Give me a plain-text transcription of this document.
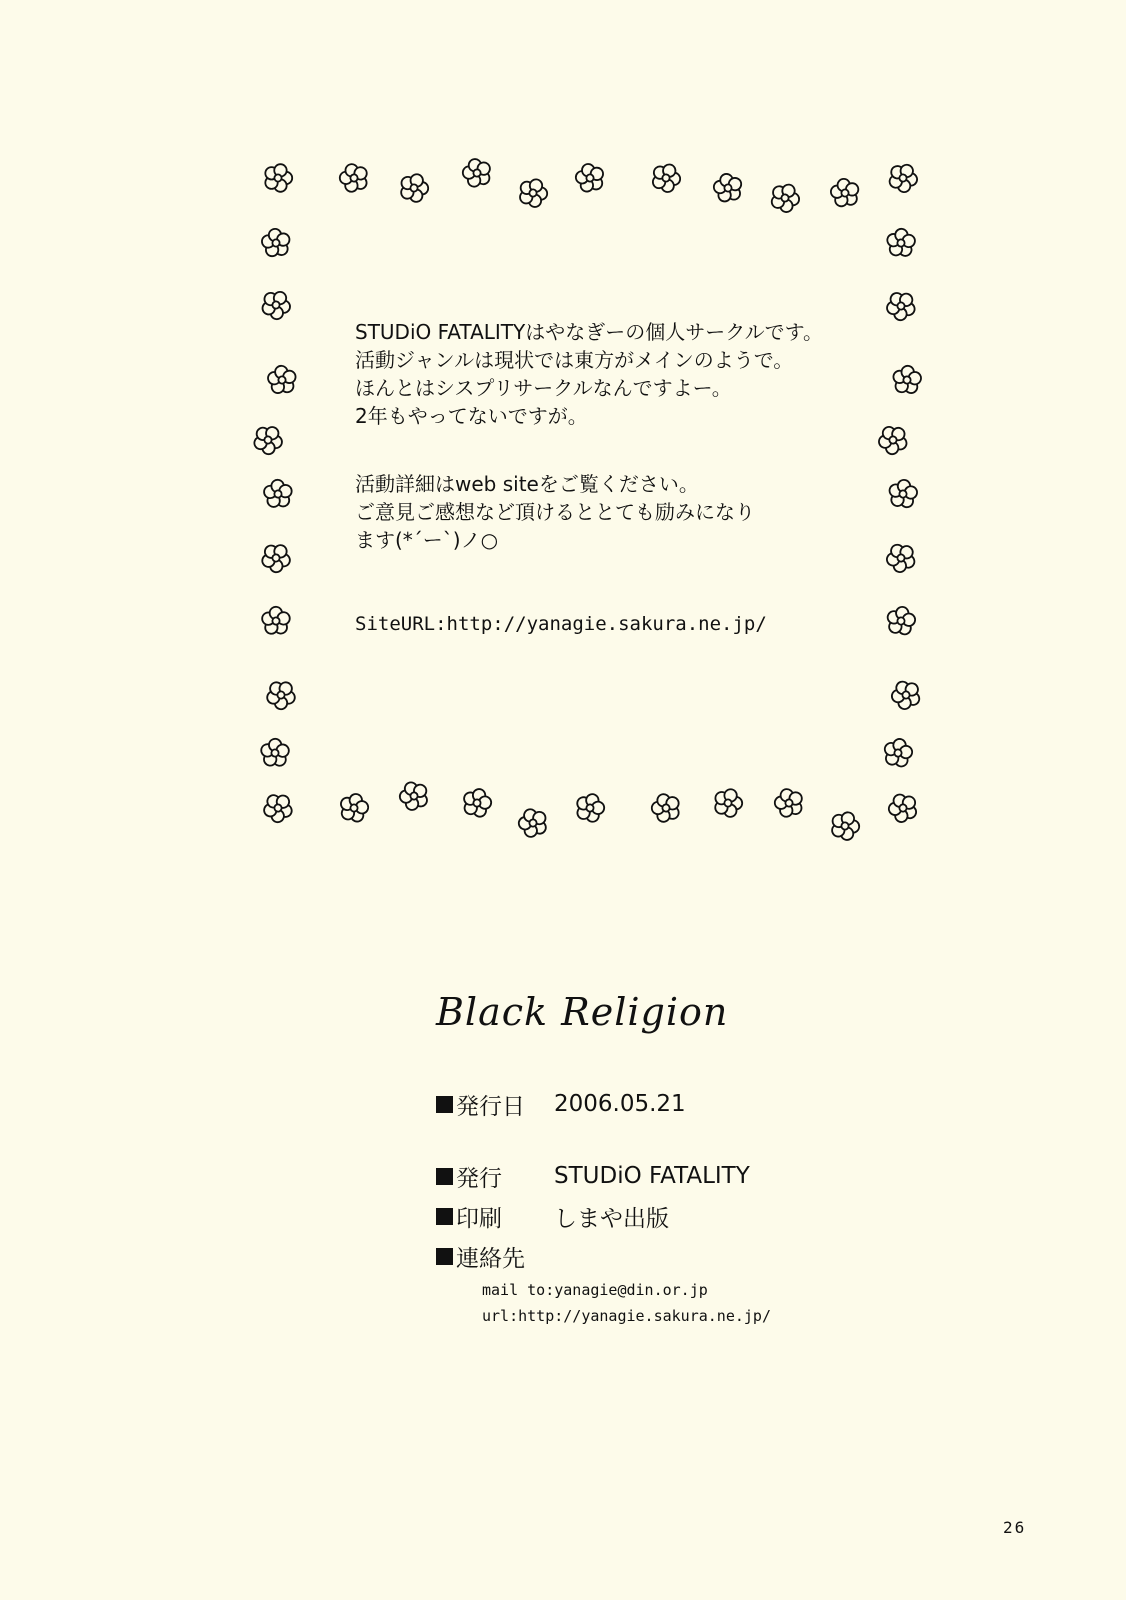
STUDiO FATALITYはやなぎーの個人サークルです。
活動ジャンルは現状では東方がメインのようで。
ほんとはシスプリサークルなんですよー。
2年もやってないですが。
活動詳細はweb siteをご覧ください。
ご意見ご感想など頂けるととても励みになり
ます(*´ー`)ノ○
SiteURL:http://yanagie.sakura.ne.jp/
Black Religion
発行日	2006.05.21
発行	STUDiO FATALITY
印刷	しまや出版
連絡先
mail to:yanagie@din.or.jp
url:http://yanagie.sakura.ne.jp/
26
